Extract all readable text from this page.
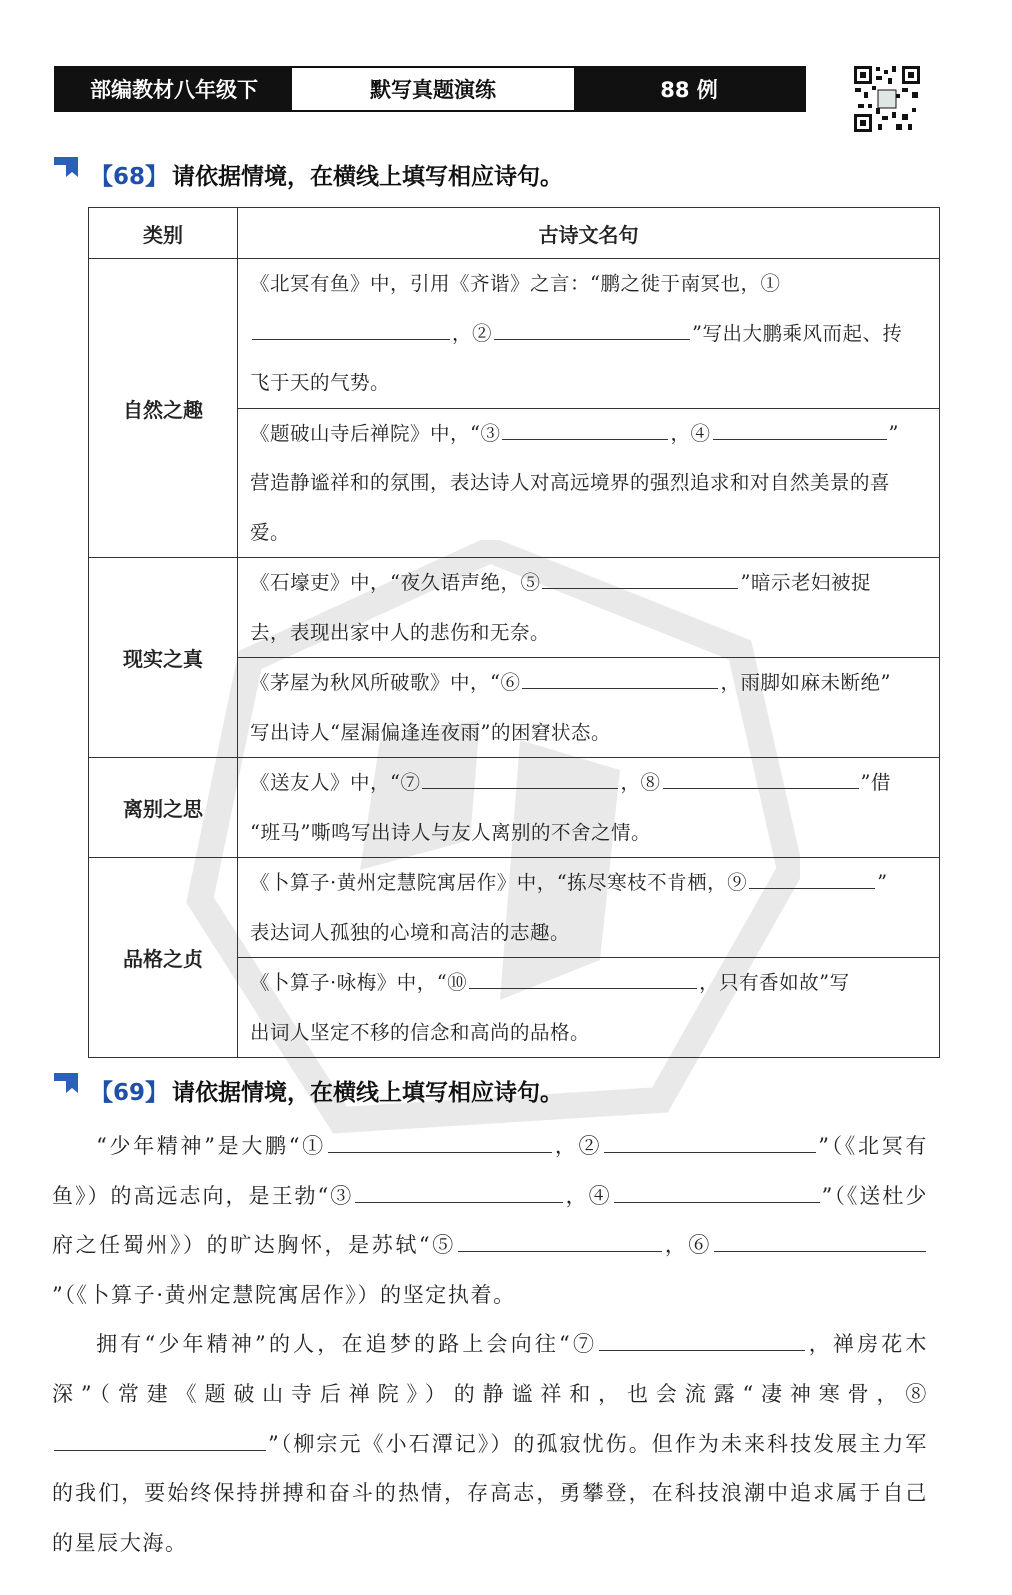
部编教材八年级下	默写真题演练	88 例
【68】 请依据情境，在横线上填写相应诗句。
类别	古诗文名句
自然之趣	《北冥有鱼》中，引用《齐谐》之言：“鹏之徙于南冥也，①
，② ”写出大鹏乘风而起、抟
飞于天的气势。
	《题破山寺后禅院》中，“③ ，④ ”
营造静谧祥和的氛围，表达诗人对高远境界的强烈追求和对自然美景的喜爱。
现实之真	《石壕吏》中，“夜久语声绝，⑤ ”暗示老妇被捉
去，表现出家中人的悲伤和无奈。
	《茅屋为秋风所破歌》中，“⑥ ，雨脚如麻未断绝”
写出诗人“屋漏偏逢连夜雨”的困窘状态。
离别之思	《送友人》中，“⑦ ，⑧ ”借
“班马”嘶鸣写出诗人与友人离别的不舍之情。
品格之贞	《卜算子·黄州定慧院寓居作》中，“拣尽寒枝不肯栖，⑨ ”
表达词人孤独的心境和高洁的志趣。
	《卜算子·咏梅》中，“⑩ ，只有香如故”写
出词人坚定不移的信念和高尚的品格。
【69】 请依据情境，在横线上填写相应诗句。

“少年精神”是大鹏“①	，②	”（《北冥有鱼》）的高远志向，是王勃“③	，④	”（《送杜少府之任蜀州》）的旷达胸怀，是苏轼“⑤	，⑥”（《卜算子·黄州定慧院寓居作》）的坚定执着。

拥有“少年精神”的人，在追梦的路上会向往“⑦	，禅房花木深”（常建《题破山寺后禅院》）的静谧祥和，也会流露“凄神寒骨，⑧”（柳宗元《小石潭记》）的孤寂忧伤。但作为未来科技发展主力军的我们，要始终保持拼搏和奋斗的热情，存高志，勇攀登，在科技浪潮中追求属于自己的星辰大海。
